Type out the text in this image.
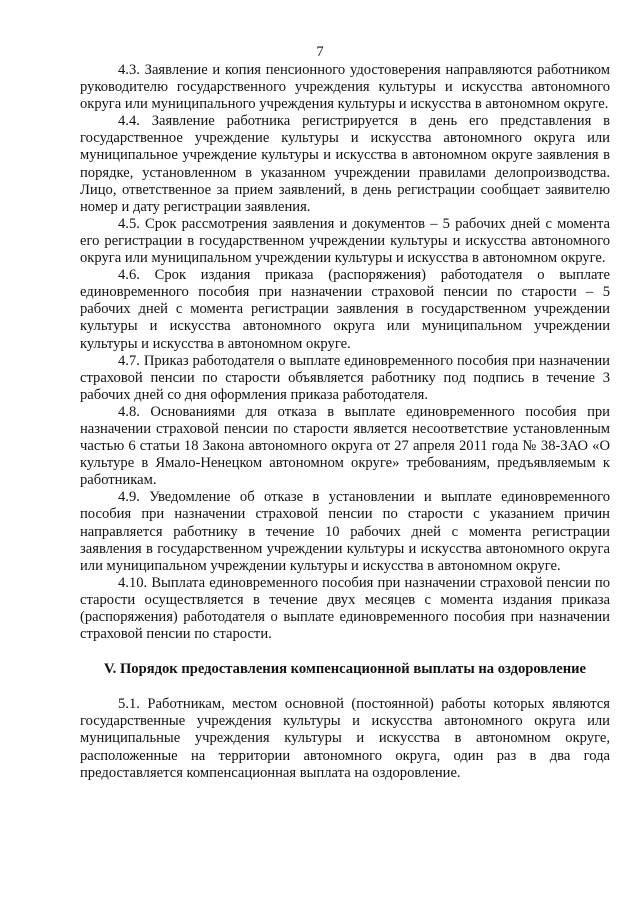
7

4.3. Заявление и копия пенсионного удостоверения направляются работником руководителю государственного учреждения культуры и искусства автономного округа или муниципального учреждения культуры и искусства в автономном округе.

4.4. Заявление работника регистрируется в день его представления в государственное учреждение культуры и искусства автономного округа или муниципальное учреждение культуры и искусства в автономном округе заявления в порядке, установленном в указанном учреждении правилами делопроизводства. Лицо, ответственное за прием заявлений, в день регистрации сообщает заявителю номер и дату регистрации заявления.

4.5. Срок рассмотрения заявления и документов – 5 рабочих дней с момента его регистрации в государственном учреждении культуры и искусства автономного округа или муниципальном учреждении культуры и искусства в автономном округе.

4.6. Срок издания приказа (распоряжения) работодателя о выплате единовременного пособия при назначении страховой пенсии по старости – 5 рабочих дней с момента регистрации заявления в государственном учреждении культуры и искусства автономного округа или муниципальном учреждении культуры и искусства в автономном округе.

4.7. Приказ работодателя о выплате единовременного пособия при назначении страховой пенсии по старости объявляется работнику под подпись в течение 3 рабочих дней со дня оформления приказа работодателя.

4.8. Основаниями для отказа в выплате единовременного пособия при назначении страховой пенсии по старости является несоответствие установленным частью 6 статьи 18 Закона автономного округа от 27 апреля 2011 года № 38-ЗАО «О культуре в Ямало-Ненецком автономном округе» требованиям, предъявляемым к работникам.

4.9. Уведомление об отказе в установлении и выплате единовременного пособия при назначении страховой пенсии по старости с указанием причин направляется работнику в течение 10 рабочих дней с момента регистрации заявления в государственном учреждении культуры и искусства автономного округа или муниципальном учреждении культуры и искусства в автономном округе.

4.10. Выплата единовременного пособия при назначении страховой пенсии по старости осуществляется в течение двух месяцев с момента издания приказа (распоряжения) работодателя о выплате единовременного пособия при назначении страховой пенсии по старости.

V. Порядок предоставления компенсационной выплаты на оздоровление

5.1. Работникам, местом основной (постоянной) работы которых являются государственные учреждения культуры и искусства автономного округа или муниципальные учреждения культуры и искусства в автономном округе, расположенные на территории автономного округа, один раз в два года предоставляется компенсационная выплата на оздоровление.
